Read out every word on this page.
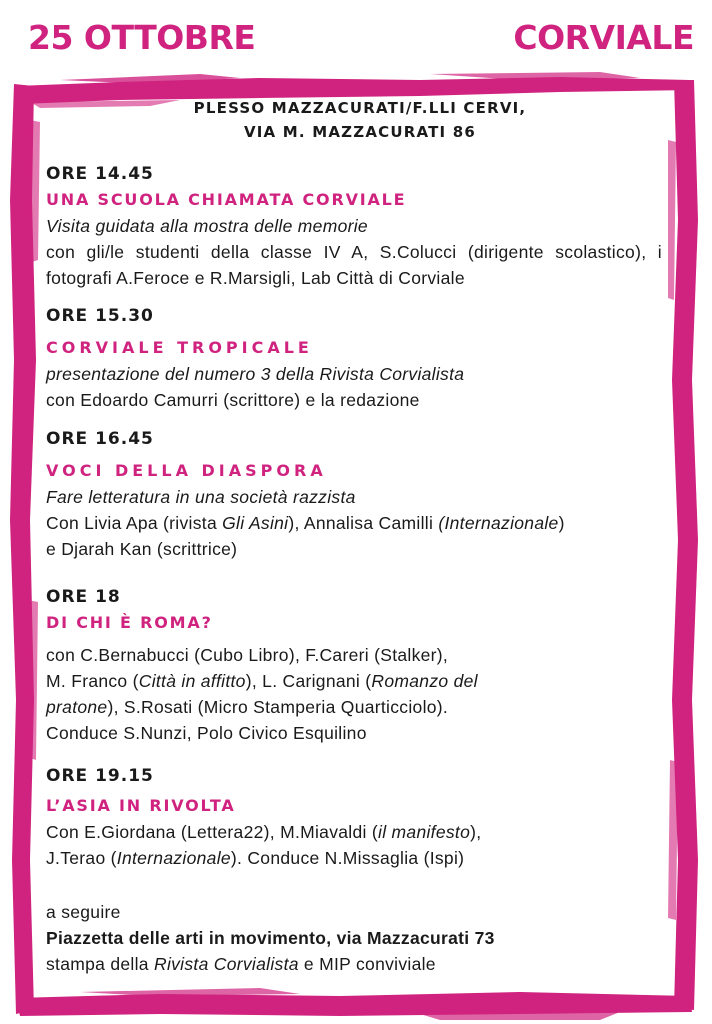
25 OTTOBRE	CORVIALE
PLESSO MAZZACURATI/F.LLI CERVI,
VIA M. MAZZACURATI 86
ORE 14.45
UNA SCUOLA CHIAMATA CORVIALE
Visita guidata alla mostra delle memorie
con gli/le studenti della classe IV A, S.Colucci (dirigente scolastico), i fotografi A.Feroce e R.Marsigli, Lab Città di Corviale
ORE 15.30
CORVIALE TROPICALE
presentazione del numero 3 della Rivista Corvialista
con Edoardo Camurri (scrittore) e la redazione
ORE 16.45
VOCI DELLA DIASPORA
Fare letteratura in una società razzista
Con Livia Apa (rivista Gli Asini), Annalisa Camilli (Internazionale)
e Djarah Kan (scrittrice)
ORE 18
DI CHI È ROMA?
con C.Bernabucci (Cubo Libro), F.Careri (Stalker),
M. Franco (Città in affitto), L. Carignani (Romanzo del
pratone), S.Rosati (Micro Stamperia Quarticciolo).
Conduce S.Nunzi, Polo Civico Esquilino
ORE 19.15
L’ASIA IN RIVOLTA
Con E.Giordana (Lettera22), M.Miavaldi (il manifesto),
J.Terao (Internazionale). Conduce N.Missaglia (Ispi)
a seguire
Piazzetta delle arti in movimento, via Mazzacurati 73
stampa della Rivista Corvialista e MIP conviviale
